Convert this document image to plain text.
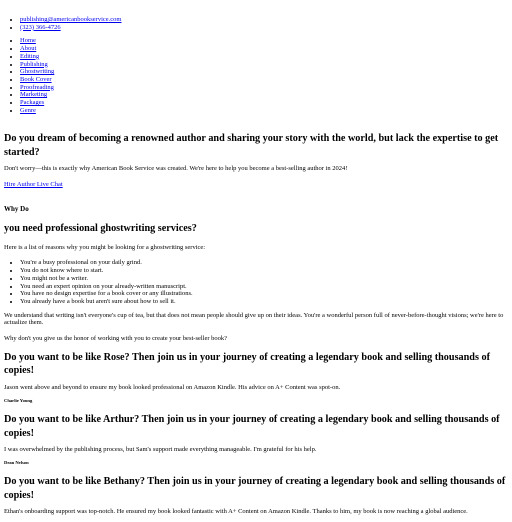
• publishing@americanbookservice.com
• (323) 366-4726
• Home
• About
• Editing
• Publishing
• Ghostwriting
• Book Cover
• Proofreading
• Marketing
• Packages
• Genre
Do you dream of becoming a renowned author and sharing your story with the world, but lack the expertise to get started?

Don't worry—this is exactly why American Book Service was created. We're here to help you become a best-selling author in 2024!

Hire Author Live Chat

Why Do

you need professional ghostwriting services?

Here is a list of reasons why you might be looking for a ghostwriting service:

• You're a busy professional on your daily grind.
• You do not know where to start.
• You might not be a writer.
• You need an expert opinion on your already-written manuscript.
• You have no design expertise for a book cover or any illustrations.
• You already have a book but aren't sure about how to sell it.

We understand that writing isn't everyone's cup of tea, but that does not mean people should give up on their ideas. You're a wonderful person full of never-before-thought visions; we're here to actualize them.

Why don't you give us the honor of working with you to create your best-seller book?

Do you want to be like Rose? Then join us in your journey of creating a legendary book and selling thousands of copies!

Jason went above and beyond to ensure my book looked professional on Amazon Kindle. His advice on A+ Content was spot-on.

Charlie Young

Do you want to be like Arthur? Then join us in your journey of creating a legendary book and selling thousands of copies!

I was overwhelmed by the publishing process, but Sam's support made everything manageable. I'm grateful for his help.

Dean Nelson

Do you want to be like Bethany? Then join us in your journey of creating a legendary book and selling thousands of copies!

Ethan's onboarding support was top-notch. He ensured my book looked fantastic with A+ Content on Amazon Kindle. Thanks to him, my book is now reaching a global audience.
